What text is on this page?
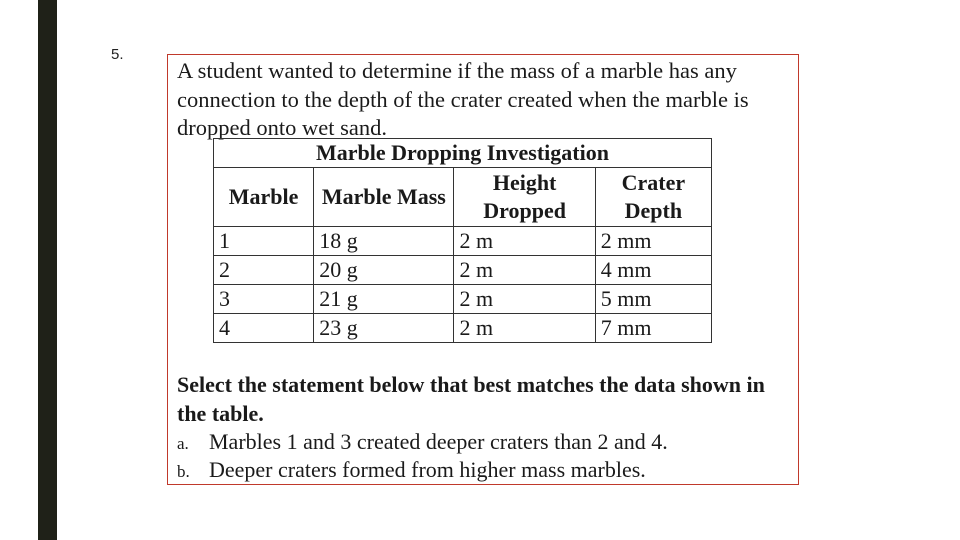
5.

A student wanted to determine if the mass of a marble has any connection to the depth of the crater created when the marble is dropped onto wet sand.

Marble Dropping Investigation			
Marble	Marble Mass	Height Dropped	Crater Depth
1	18 g	2 m	2 mm
2	20 g	2 m	4 mm
3	21 g	2 m	5 mm
4	23 g	2 m	7 mm

Select the statement below that best matches the data shown in the table.

a. Marbles 1 and 3 created deeper craters than 2 and 4.

b. Deeper craters formed from higher mass marbles.
